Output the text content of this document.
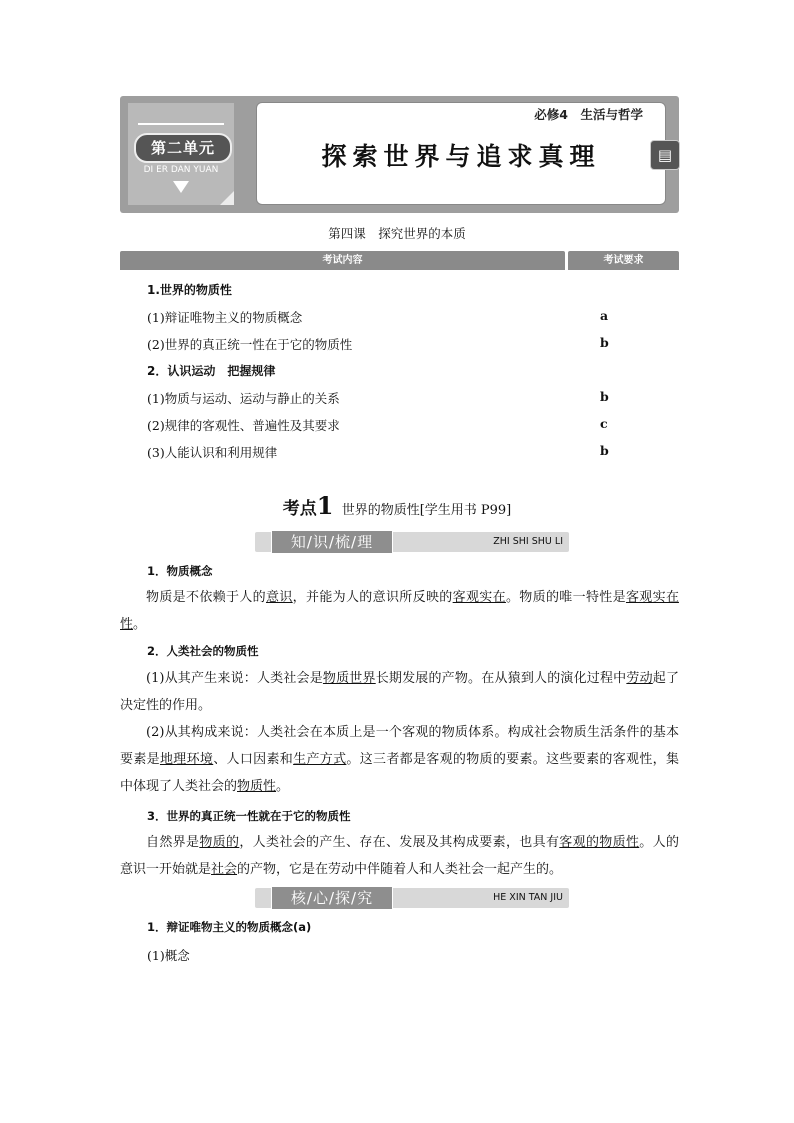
第二单元
DI ER DAN YUAN
必修4　生活与哲学
探索世界与追求真理	▤
第四课　探究世界的本质
考试内容	考试要求
1.世界的物质性
(1)辩证唯物主义的物质概念	a
(2)世界的真正统一性在于它的物质性	b
2．认识运动　把握规律
(1)物质与运动、运动与静止的关系	b
(2)规律的客观性、普遍性及其要求	c
(3)人能认识和利用规律	b
考点1 世界的物质性[学生用书 P99]
知/识/梳/理	ZHI SHI SHU LI
1．物质概念
物质是不依赖于人的意识，并能为人的意识所反映的客观实在。物质的唯一特性是客观实在性。
2．人类社会的物质性
(1)从其产生来说：人类社会是物质世界长期发展的产物。在从猿到人的演化过程中劳动起了决定性的作用。
(2)从其构成来说：人类社会在本质上是一个客观的物质体系。构成社会物质生活条件的基本要素是地理环境、人口因素和生产方式。这三者都是客观的物质的要素。这些要素的客观性，集中体现了人类社会的物质性。
3．世界的真正统一性就在于它的物质性
自然界是物质的，人类社会的产生、存在、发展及其构成要素，也具有客观的物质性。人的意识一开始就是社会的产物，它是在劳动中伴随着人和人类社会一起产生的。
核/心/探/究	HE XIN TAN JIU
1．辩证唯物主义的物质概念(a)
(1)概念
